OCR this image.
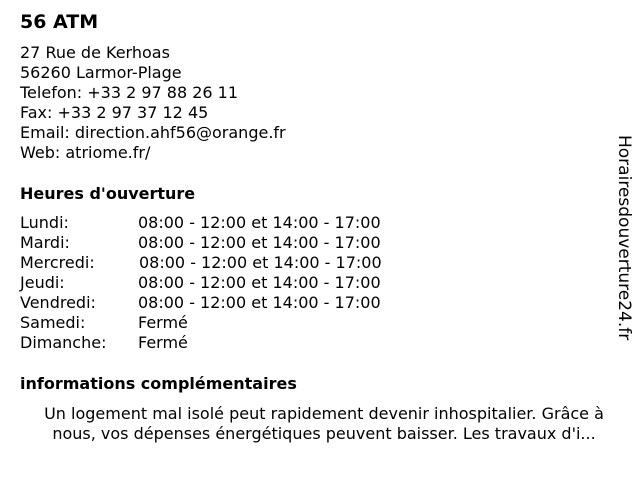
56 ATM
27 Rue de Kerhoas
56260 Larmor-Plage
Telefon: +33 2 97 88 26 11
Fax: +33 2 97 37 12 45
Email: direction.ahf56@orange.fr
Web: atriome.fr/
Heures d'ouverture
Lundi:	08:00 - 12:00 et 14:00 - 17:00
Mardi:	08:00 - 12:00 et 14:00 - 17:00
Mercredi:	08:00 - 12:00 et 14:00 - 17:00
Jeudi:	08:00 - 12:00 et 14:00 - 17:00
Vendredi:	08:00 - 12:00 et 14:00 - 17:00
Samedi:	Fermé
Dimanche: Fermé
informations complémentaires
Un logement mal isolé peut rapidement devenir inhospitalier. Grâce à nous, vos dépenses énergétiques peuvent baisser. Les travaux d'i...
Horairesdouverture24.fr
